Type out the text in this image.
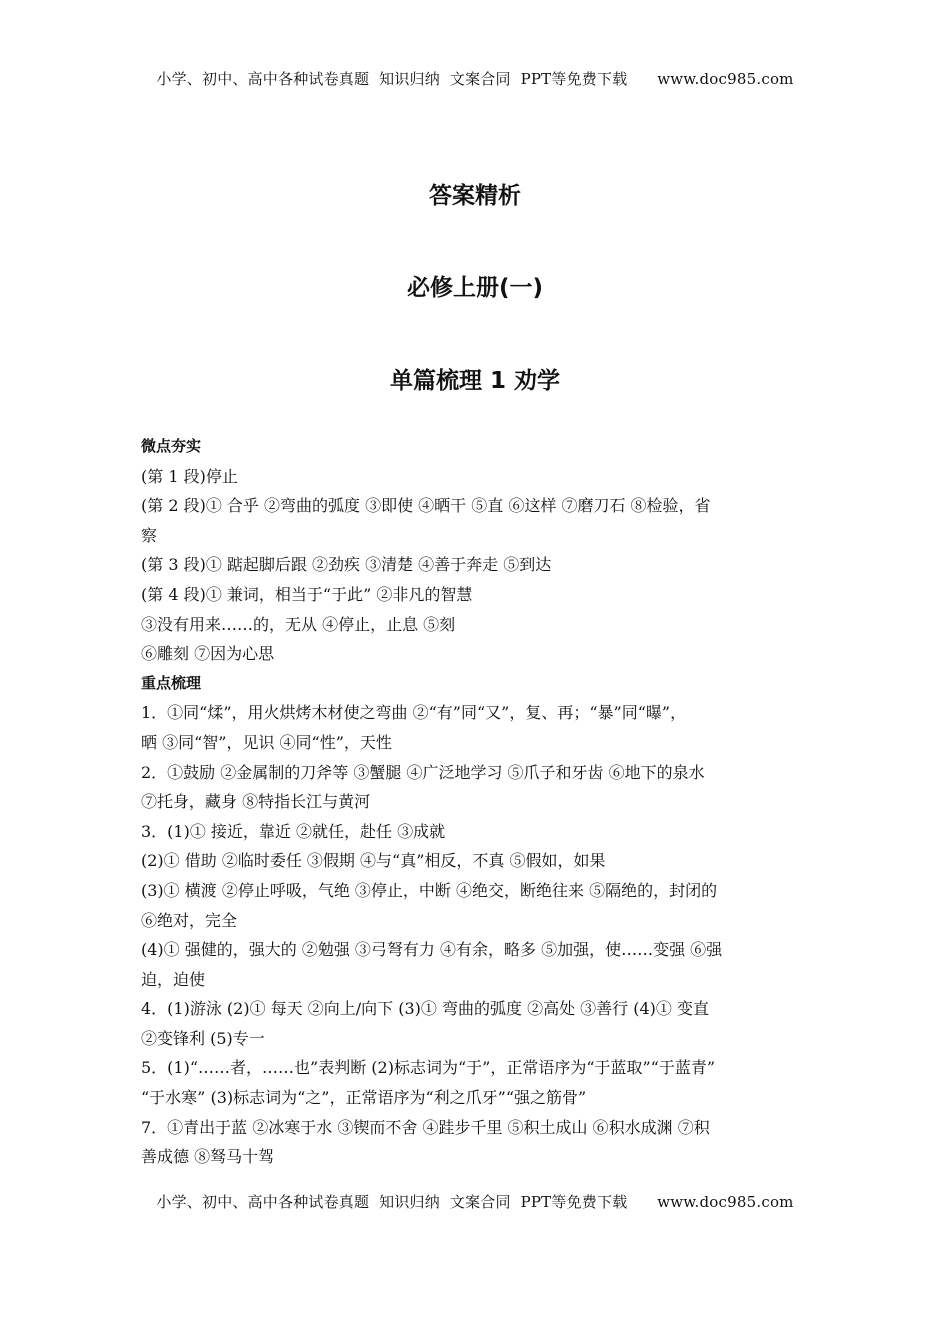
小学、初中、高中各种试卷真题  知识归纳  文案合同  PPT等免费下载      www.doc985.com
答案精析
必修上册(一)
单篇梳理 1 劝学
微点夯实
(第 1 段)停止
(第 2 段)① 合乎 ②弯曲的弧度 ③即使 ④晒干 ⑤直 ⑥这样 ⑦磨刀石 ⑧检验，省
察
(第 3 段)① 踮起脚后跟 ②劲疾 ③清楚 ④善于奔走 ⑤到达
(第 4 段)① 兼词，相当于“于此” ②非凡的智慧
③没有用来……的，无从 ④停止，止息 ⑤刻
⑥雕刻 ⑦因为心思
重点梳理
1．①同“煣”，用火烘烤木材使之弯曲 ②“有”同“又”，复、再；“暴”同“曝”，
晒 ③同“智”，见识 ④同“性”，天性
2．①鼓励 ②金属制的刀斧等 ③蟹腿 ④广泛地学习 ⑤爪子和牙齿 ⑥地下的泉水
⑦托身，藏身 ⑧特指长江与黄河
3．(1)① 接近，靠近 ②就任，赴任 ③成就
(2)① 借助 ②临时委任 ③假期 ④与“真”相反，不真 ⑤假如，如果
(3)① 横渡 ②停止呼吸，气绝 ③停止，中断 ④绝交，断绝往来 ⑤隔绝的，封闭的
⑥绝对，完全
(4)① 强健的，强大的 ②勉强 ③弓弩有力 ④有余，略多 ⑤加强，使……变强 ⑥强
迫，迫使
4．(1)游泳 (2)① 每天 ②向上/向下 (3)① 弯曲的弧度 ②高处 ③善行 (4)① 变直
②变锋利 (5)专一
5．(1)“……者，……也”表判断 (2)标志词为“于”，正常语序为“于蓝取”“于蓝青”
“于水寒” (3)标志词为“之”，正常语序为“利之爪牙”“强之筋骨”
7．①青出于蓝 ②冰寒于水 ③锲而不舍 ④跬步千里 ⑤积土成山 ⑥积水成渊 ⑦积
善成德 ⑧驽马十驾
小学、初中、高中各种试卷真题  知识归纳  文案合同  PPT等免费下载      www.doc985.com
